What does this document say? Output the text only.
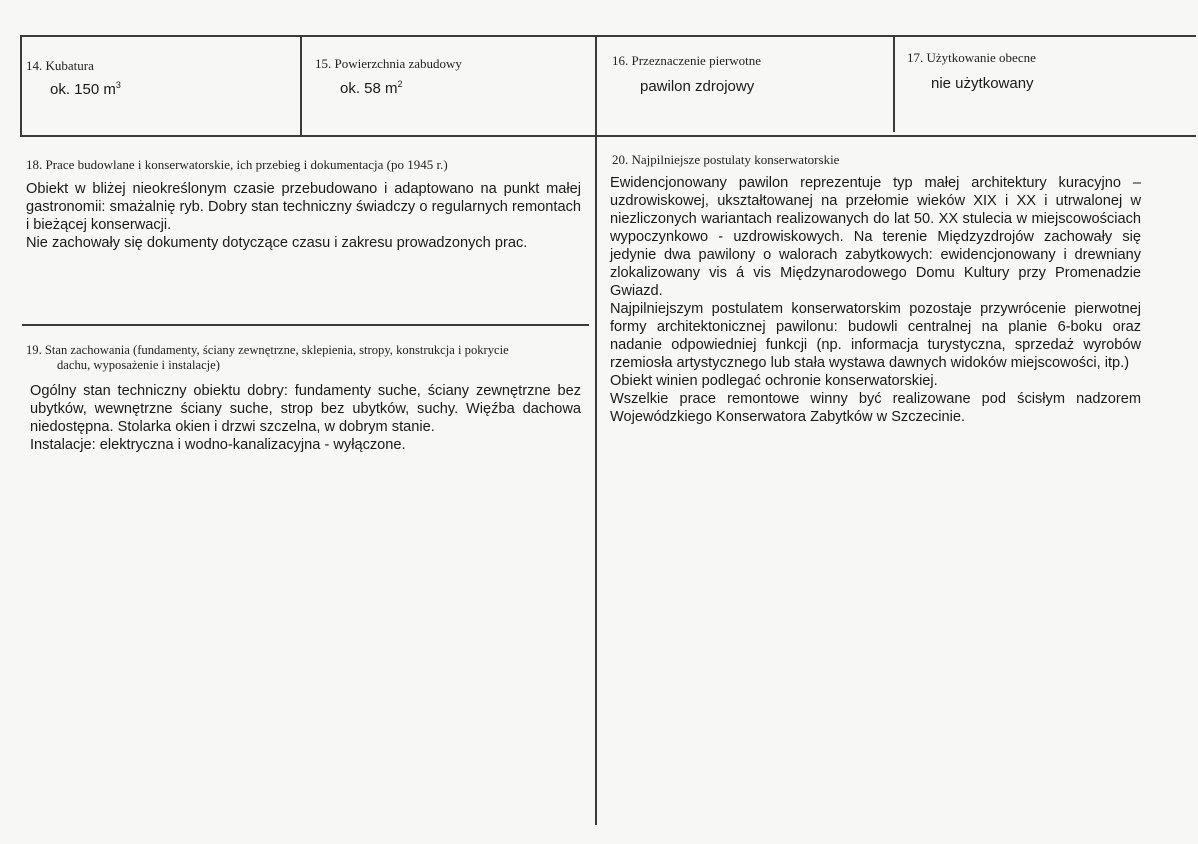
14. Kubatura
ok. 150 $m^3$
15. Powierzchnia zabudowy
ok. 58 $m^2$
16. Przeznaczenie pierwotne
pawilon zdrojowy
17. Użytkowanie obecne
nie użytkowany
18. Prace budowlane i konserwatorskie, ich przebieg i dokumentacja (po 1945 r.)

Obiekt w bliżej nieokreślonym czasie przebudowano i adaptowano na punkt małej gastronomii: smażalnię ryb. Dobry stan techniczny świadczy o regularnych remontach i bieżącej konserwacji.

Nie zachowały się dokumenty dotyczące czasu i zakresu prowadzonych prac.

19. Stan zachowania (fundamenty, ściany zewnętrzne, sklepienia, stropy, konstrukcja i pokrycie
dachu, wyposażenie i instalacje)

Ogólny stan techniczny obiektu dobry: fundamenty suche, ściany zewnętrzne bez ubytków, wewnętrzne ściany suche, strop bez ubytków, suchy. Więźba dachowa niedostępna. Stolarka okien i drzwi szczelna, w dobrym stanie.

Instalacje: elektryczna i wodno-kanalizacyjna - wyłączone.

20. Najpilniejsze postulaty konserwatorskie

Ewidencjonowany pawilon reprezentuje typ małej architektury kuracyjno – uzdrowiskowej, ukształtowanej na przełomie wieków XIX i XX i utrwalonej w niezliczonych wariantach realizowanych do lat 50. XX stulecia w miejscowościach wypoczynkowo - uzdrowiskowych. Na terenie Międzyzdrojów zachowały się jedynie dwa pawilony o walorach zabytkowych: ewidencjonowany i drewniany zlokalizowany vis á vis Międzynarodowego Domu Kultury przy Promenadzie Gwiazd.

Najpilniejszym postulatem konserwatorskim pozostaje przywrócenie pierwotnej formy architektonicznej pawilonu: budowli centralnej na planie 6-boku oraz nadanie odpowiedniej funkcji (np. informacja turystyczna, sprzedaż wyrobów rzemiosła artystycznego lub stała wystawa dawnych widoków miejscowości, itp.)

Obiekt winien podlegać ochronie konserwatorskiej.

Wszelkie prace remontowe winny być realizowane pod ścisłym nadzorem Wojewódzkiego Konserwatora Zabytków w Szczecinie.
